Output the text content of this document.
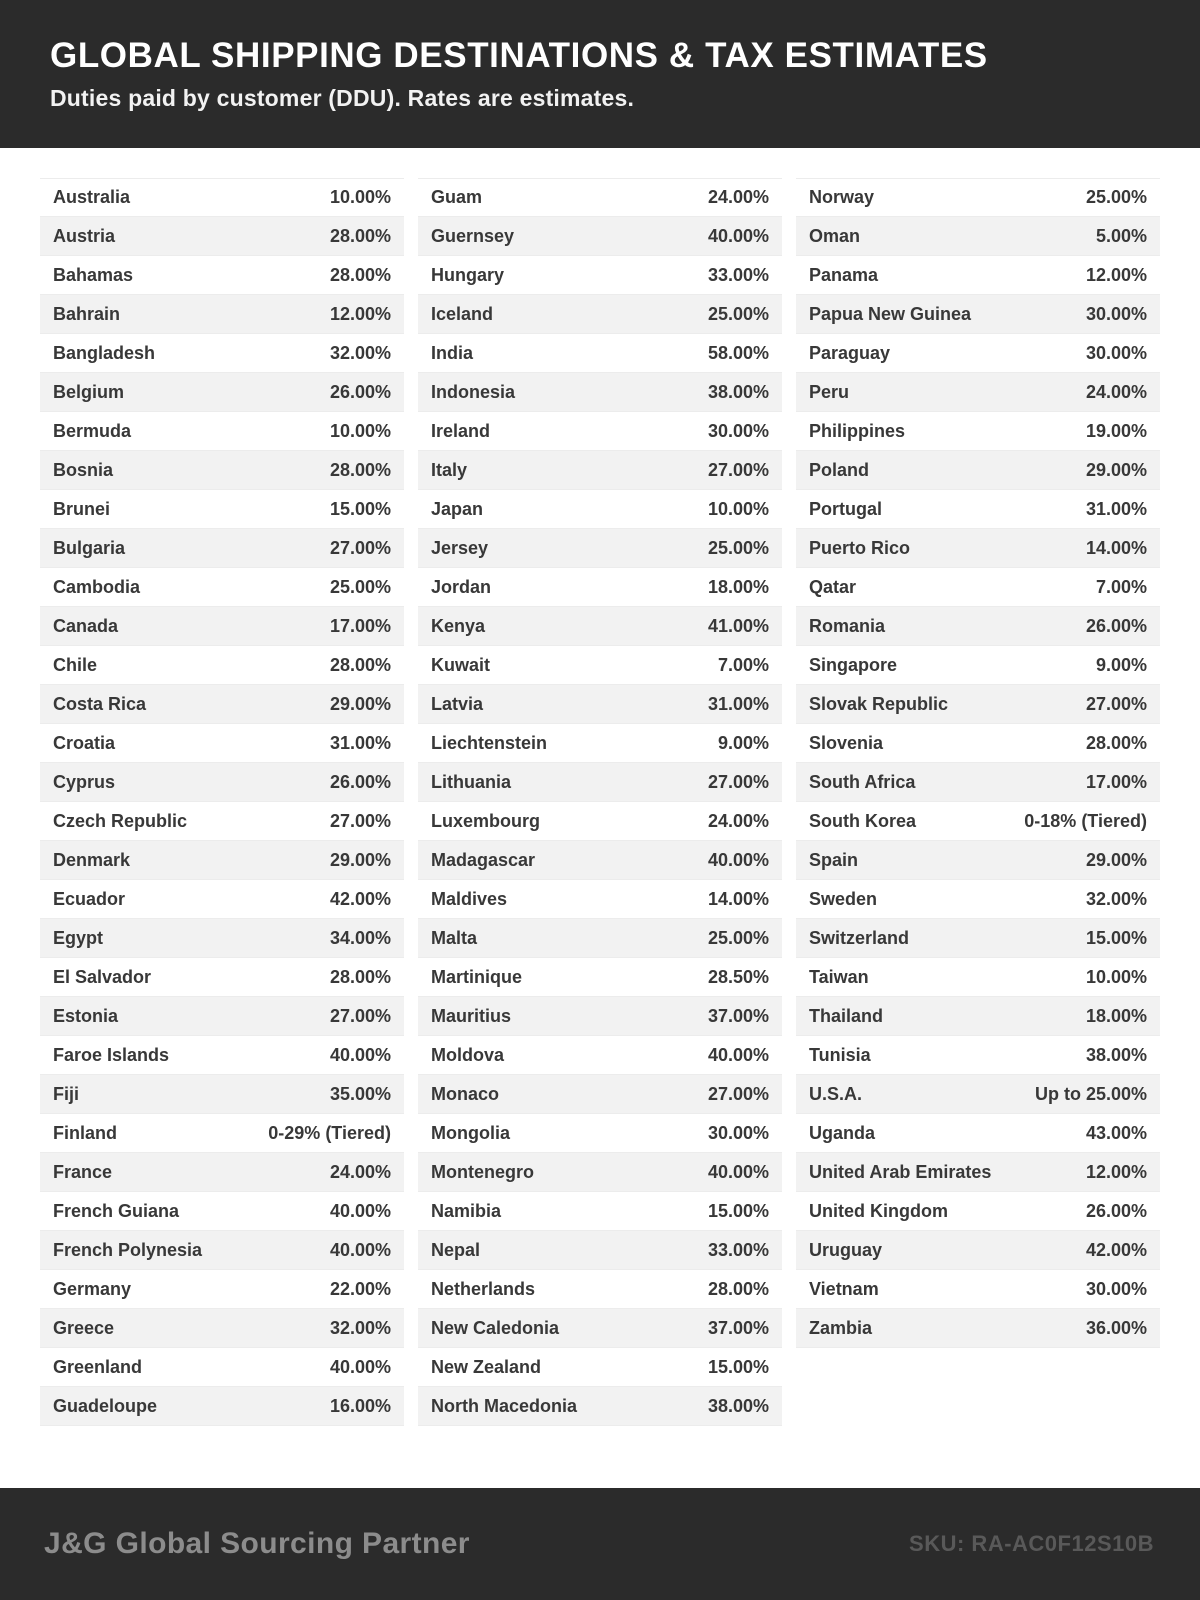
GLOBAL SHIPPING DESTINATIONS & TAX ESTIMATES

Duties paid by customer (DDU). Rates are estimates.

Australia	10.00%
Austria	28.00%
Bahamas	28.00%
Bahrain	12.00%
Bangladesh	32.00%
Belgium	26.00%
Bermuda	10.00%
Bosnia	28.00%
Brunei	15.00%
Bulgaria	27.00%
Cambodia	25.00%
Canada	17.00%
Chile	28.00%
Costa Rica	29.00%
Croatia	31.00%
Cyprus	26.00%
Czech Republic	27.00%
Denmark	29.00%
Ecuador	42.00%
Egypt	34.00%
El Salvador	28.00%
Estonia	27.00%
Faroe Islands	40.00%
Fiji	35.00%
Finland	0-29% (Tiered)
France	24.00%
French Guiana	40.00%
French Polynesia	40.00%
Germany	22.00%
Greece	32.00%
Greenland	40.00%
Guadeloupe	16.00%
Guam	24.00%
Guernsey	40.00%
Hungary	33.00%
Iceland	25.00%
India	58.00%
Indonesia	38.00%
Ireland	30.00%
Italy	27.00%
Japan	10.00%
Jersey	25.00%
Jordan	18.00%
Kenya	41.00%
Kuwait	7.00%
Latvia	31.00%
Liechtenstein	9.00%
Lithuania	27.00%
Luxembourg	24.00%
Madagascar	40.00%
Maldives	14.00%
Malta	25.00%
Martinique	28.50%
Mauritius	37.00%
Moldova	40.00%
Monaco	27.00%
Mongolia	30.00%
Montenegro	40.00%
Namibia	15.00%
Nepal	33.00%
Netherlands	28.00%
New Caledonia	37.00%
New Zealand	15.00%
North Macedonia	38.00%
Norway	25.00%
Oman	5.00%
Panama	12.00%
Papua New Guinea	30.00%
Paraguay	30.00%
Peru	24.00%
Philippines	19.00%
Poland	29.00%
Portugal	31.00%
Puerto Rico	14.00%
Qatar	7.00%
Romania	26.00%
Singapore	9.00%
Slovak Republic	27.00%
Slovenia	28.00%
South Africa	17.00%
South Korea	0-18% (Tiered)
Spain	29.00%
Sweden	32.00%
Switzerland	15.00%
Taiwan	10.00%
Thailand	18.00%
Tunisia	38.00%
U.S.A.	Up to 25.00%
Uganda	43.00%
United Arab Emirates	12.00%
United Kingdom	26.00%
Uruguay	42.00%
Vietnam	30.00%
Zambia	36.00%
J&G Global Sourcing Partner	SKU: RA-AC0F12S10B
